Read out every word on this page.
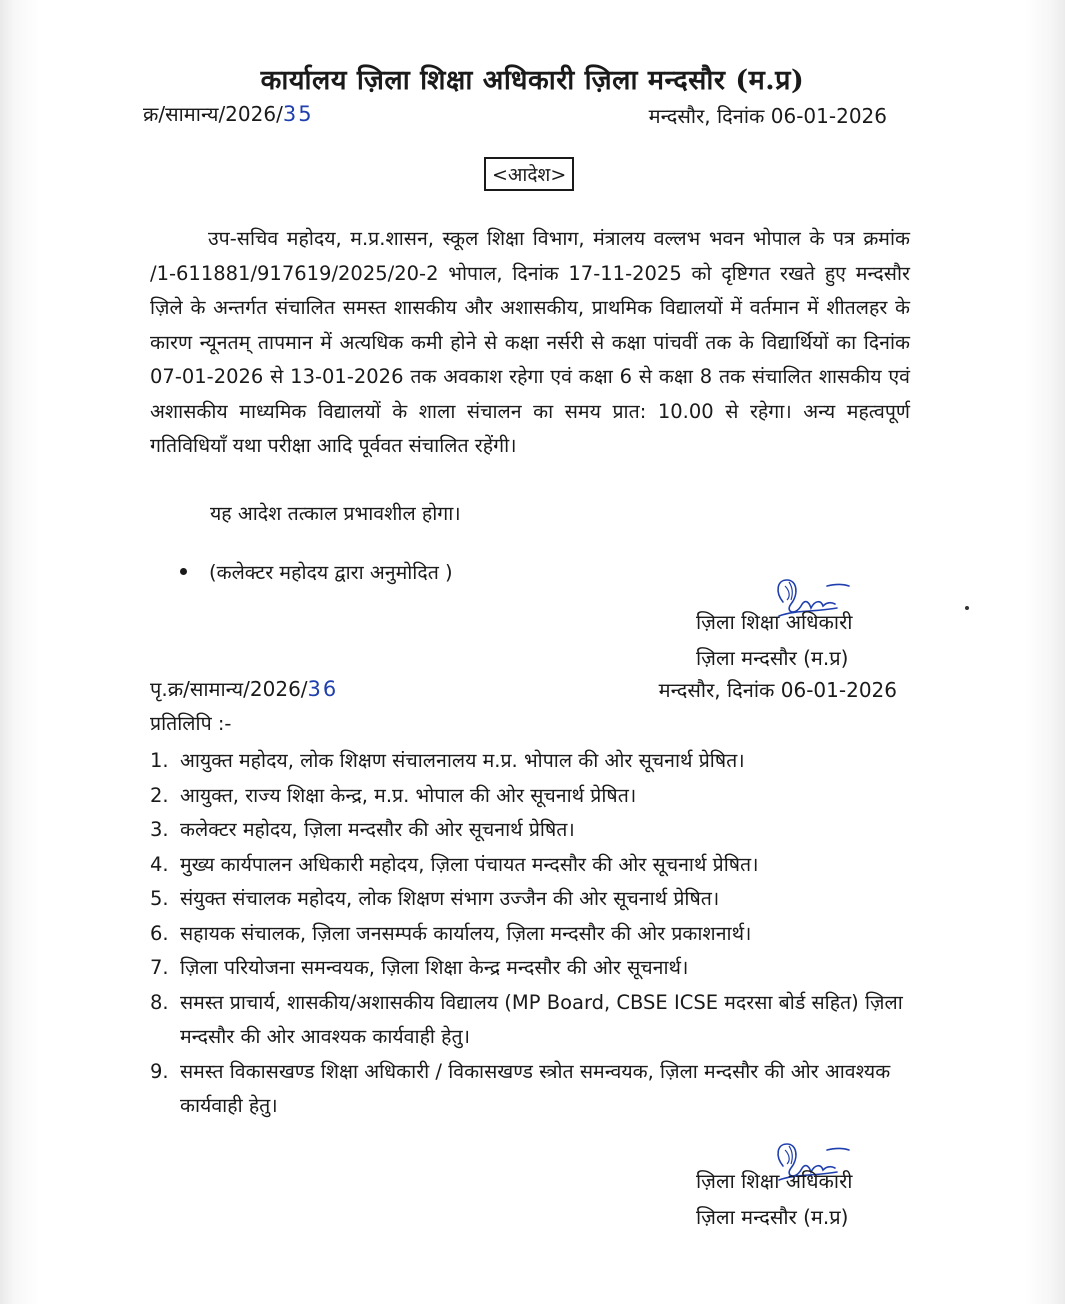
कार्यालय ज़िला शिक्षा अधिकारी ज़िला मन्दसौर (म.प्र)
क्र/सामान्य/2026/35	मन्दसौर, दिनांक 06-01-2026
<आदेश>
उप-सचिव महोदय, म.प्र.शासन, स्कूल शिक्षा विभाग, मंत्रालय वल्लभ भवन भोपाल के पत्र क्रमांक /1-611881/917619/2025/20-2 भोपाल, दिनांक 17-11-2025 को दृष्टिगत रखते हुए मन्दसौर ज़िले के अन्तर्गत संचालित समस्त शासकीय और अशासकीय, प्राथमिक विद्यालयों में वर्तमान में शीतलहर के कारण न्यूनतम् तापमान में अत्यधिक कमी होने से कक्षा नर्सरी से कक्षा पांचवीं तक के विद्यार्थियों का दिनांक 07-01-2026 से 13-01-2026 तक अवकाश रहेगा एवं कक्षा 6 से कक्षा 8 तक संचालित शासकीय एवं अशासकीय माध्यमिक विद्यालयों के शाला संचालन का समय प्रात: 10.00 से रहेगा। अन्य महत्वपूर्ण गतिविधियाँ यथा परीक्षा आदि पूर्ववत संचालित रहेंगी।
यह आदेश तत्काल प्रभावशील होगा।
(कलेक्टर महोदय द्वारा अनुमोदित )
ज़िला शिक्षा अधिकारी
ज़िला मन्दसौर (म.प्र)
पृ.क्र/सामान्य/2026/36	मन्दसौर, दिनांक 06-01-2026
प्रतिलिपि :-
1. आयुक्त महोदय, लोक शिक्षण संचालनालय म.प्र. भोपाल की ओर सूचनार्थ प्रेषित।
2. आयुक्त, राज्य शिक्षा केन्द्र, म.प्र. भोपाल की ओर सूचनार्थ प्रेषित।
3. कलेक्टर महोदय, ज़िला मन्दसौर की ओर सूचनार्थ प्रेषित।
4. मुख्य कार्यपालन अधिकारी महोदय, ज़िला पंचायत मन्दसौर की ओर सूचनार्थ प्रेषित।
5. संयुक्त संचालक महोदय, लोक शिक्षण संभाग उज्जैन की ओर सूचनार्थ प्रेषित।
6. सहायक संचालक, ज़िला जनसम्पर्क कार्यालय, ज़िला मन्दसौर की ओर प्रकाशनार्थ।
7. ज़िला परियोजना समन्वयक, ज़िला शिक्षा केन्द्र मन्दसौर की ओर सूचनार्थ।
8. समस्त प्राचार्य, शासकीय/अशासकीय विद्यालय (MP Board, CBSE ICSE मदरसा बोर्ड सहित) ज़िला मन्दसौर की ओर आवश्यक कार्यवाही हेतु।
9. समस्त विकासखण्ड शिक्षा अधिकारी / विकासखण्ड स्त्रोत समन्वयक, ज़िला मन्दसौर की ओर आवश्यक कार्यवाही हेतु।
ज़िला शिक्षा अधिकारी
ज़िला मन्दसौर (म.प्र)
